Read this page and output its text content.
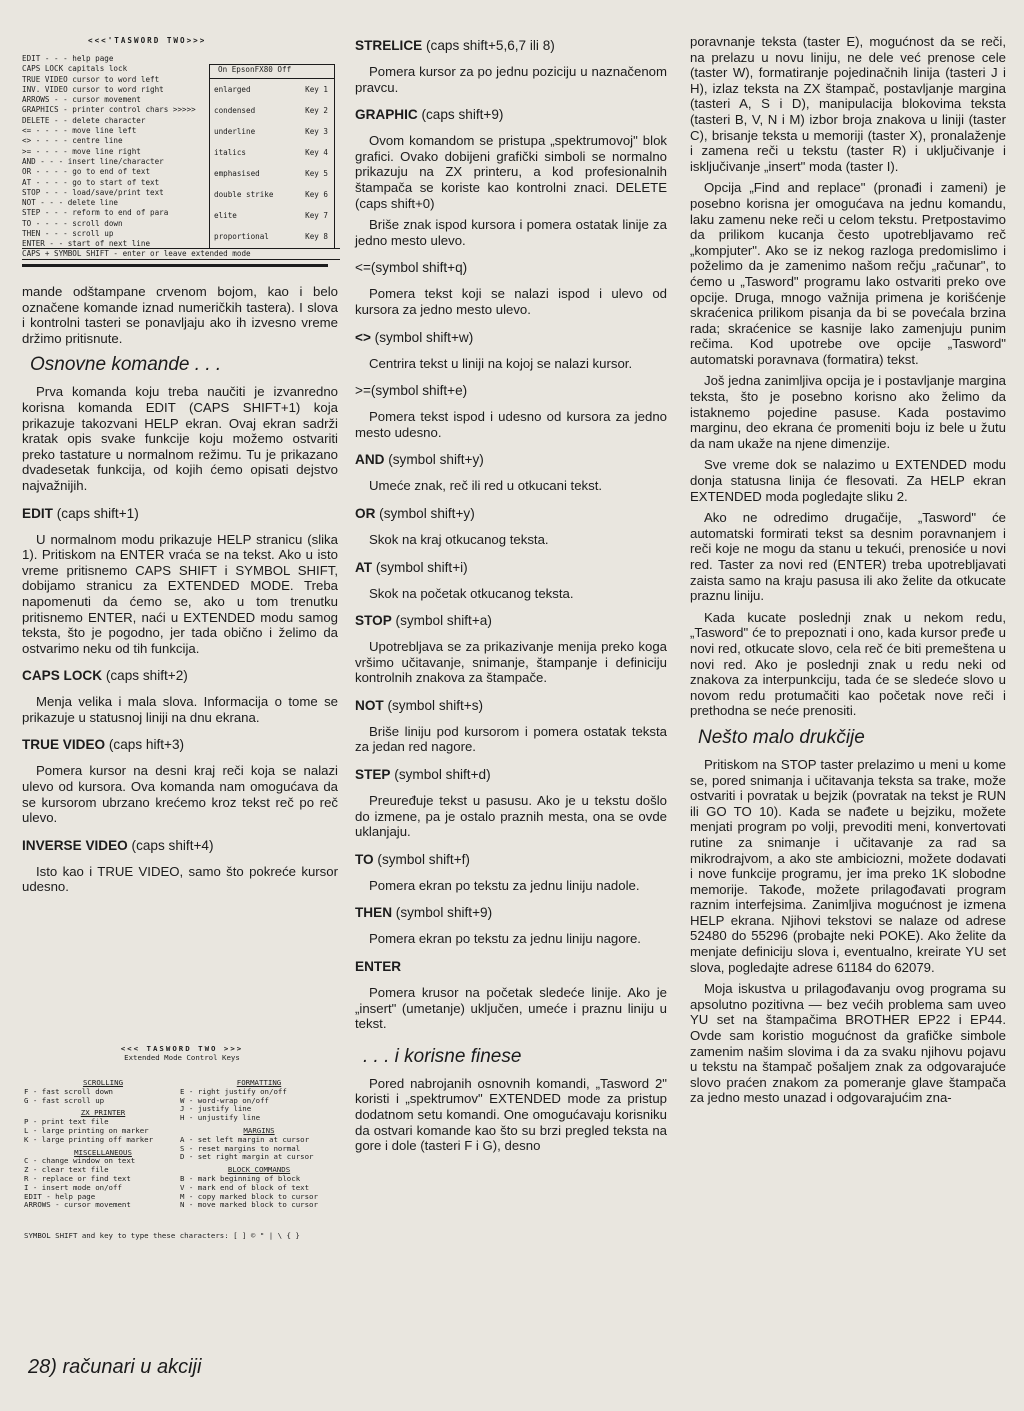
<<<'TASWORD TWO>>>
EDIT - - - help page
CAPS LOCK capitals lock
TRUE VIDEO cursor to word left
INV. VIDEO cursor to word right
ARROWS - - cursor movement
GRAPHICS - printer control chars >>>>>
DELETE - - delete character
<= - - - - move line left
<> - - - - centre line
>= - - - - move line right
AND - - - insert line/character
OR - - - - go to end of text
AT - - - - go to start of text
STOP - - - load/save/print text
NOT - - - delete line
STEP - - - reform to end of para
TO - - - - scroll down
THEN - - - scroll up
ENTER - - start of next line
On EpsonFX80 Off
enlarged	Key 1
condensed	Key 2
underline	Key 3
italics	Key 4
emphasised	Key 5
double strike	Key 6
elite	Key 7
proportional	Key 8
CAPS + SYMBOL SHIFT - enter or leave extended mode

mande odštampane crvenom bojom, kao i belo označene komande iznad numeričkih tastera). I slova i kontrolni tasteri se ponavljaju ako ih izvesno vreme držimo pritisnute.

Osnovne komande . . .

Prva komanda koju treba naučiti je izvanredno korisna komanda EDIT (CAPS SHIFT+1) koja prikazuje takozvani HELP ekran. Ovaj ekran sadrži kratak opis svake funkcije koju možemo ostvariti preko tastature u normalnom režimu. Tu je prikazano dvadesetak funkcija, od kojih ćemo opisati dejstvo najvažnijih.

EDIT (caps shift+1)

U normalnom modu prikazuje HELP stranicu (slika 1). Pritiskom na ENTER vraća se na tekst. Ako u isto vreme pritisnemo CAPS SHIFT i SYMBOL SHIFT, dobijamo stranicu za EXTENDED MODE. Treba napomenuti da ćemo se, ako u tom trenutku pritisnemo ENTER, naći u EXTENDED modu samog teksta, što je pogodno, jer tada obično i želimo da ostvarimo neku od tih funkcija.

CAPS LOCK (caps shift+2)

Menja velika i mala slova. Informacija o tome se prikazuje u statusnoj liniji na dnu ekrana.

TRUE VIDEO (caps hift+3)

Pomera kursor na desni kraj reči koja se nalazi ulevo od kursora. Ova komanda nam omogućava da se kursorom ubrzano krećemo kroz tekst reč po reč ulevo.

INVERSE VIDEO (caps shift+4)

Isto kao i TRUE VIDEO, samo što pokreće kursor udesno.

<<< TASWORD TWO >>>
Extended Mode Control Keys
SCROLLING
F - fast scroll down
G - fast scroll up
ZX PRINTER
P - print text file
L - large printing on marker
K - large printing off marker
MISCELLANEOUS
C - change window on text
Z - clear text file
R - replace or find text
I - insert mode on/off
EDIT - help page
ARROWS - cursor movement
FORMATTING
E - right justify on/off
W - word-wrap on/off
J - justify line
H - unjustify line
MARGINS
A - set left margin at cursor
S - reset margins to normal
D - set right margin at cursor
BLOCK COMMANDS
B - mark beginning of block
V - mark end of block of text
M - copy marked block to cursor
N - move marked block to cursor
SYMBOL SHIFT and key to type these characters: [ ] © " | \ { }
STRELICE (caps shift+5,6,7 ili 8)

Pomera kursor za po jednu poziciju u naznačenom pravcu.

GRAPHIC (caps shift+9)

Ovom komandom se pristupa „spektrumovoj" blok grafici. Ovako dobijeni grafički simboli se normalno prikazuju na ZX printeru, a kod profesionalnih štampača se koriste kao kontrolni znaci. DELETE (caps shift+0)

Briše znak ispod kursora i pomera ostatak linije za jedno mesto ulevo.

<=(symbol shift+q)

Pomera tekst koji se nalazi ispod i ulevo od kursora za jedno mesto ulevo.

<> (symbol shift+w)

Centrira tekst u liniji na kojoj se nalazi kursor.

>=(symbol shift+e)

Pomera tekst ispod i udesno od kursora za jedno mesto udesno.

AND (symbol shift+y)

Umeće znak, reč ili red u otkucani tekst.

OR (symbol shift+y)

Skok na kraj otkucanog teksta.

AT (symbol shift+i)

Skok na početak otkucanog teksta.

STOP (symbol shift+a)

Upotrebljava se za prikazivanje menija preko koga vršimo učitavanje, snimanje, štampanje i definiciju kontrolnih znakova za štampače.

NOT (symbol shift+s)

Briše liniju pod kursorom i pomera ostatak teksta za jedan red nagore.

STEP (symbol shift+d)

Preuređuje tekst u pasusu. Ako je u tekstu došlo do izmene, pa je ostalo praznih mesta, ona se ovde uklanjaju.

TO (symbol shift+f)

Pomera ekran po tekstu za jednu liniju nadole.

THEN (symbol shift+9)

Pomera ekran po tekstu za jednu liniju nagore.

ENTER

Pomera krusor na početak sledeće linije. Ako je „insert" (umetanje) uključen, umeće i praznu liniju u tekst.

. . . i korisne finese

Pored nabrojanih osnovnih komandi, „Tasword 2" koristi i „spektrumov" EXTENDED mode za pristup dodatnom setu komandi. One omogućavaju korisniku da ostvari komande kao što su brzi pregled teksta na gore i dole (tasteri F i G), desno

poravnanje teksta (taster E), mogućnost da se reči, na prelazu u novu liniju, ne dele već prenose cele (taster W), formatiranje pojedinačnih linija (tasteri J i H), izlaz teksta na ZX štampač, postavljanje margina (tasteri A, S i D), manipulacija blokovima teksta (tasteri B, V, N i M) izbor broja znakova u liniji (taster C), brisanje teksta u memoriji (taster X), pronalaženje i zamena reči u tekstu (taster R) i uključivanje i isključivanje „insert" moda (taster I).

Opcija „Find and replace" (pronađi i zameni) je posebno korisna jer omogućava na jednu komandu, laku zamenu neke reči u celom tekstu. Pretpostavimo da prilikom kucanja često upotrebljavamo reč „kompjuter". Ako se iz nekog razloga predomislimo i poželimo da je zamenimo našom rečju „računar", to ćemo u „Tasword" programu lako ostvariti preko ove opcije. Druga, mnogo važnija primena je korišćenje skraćenica prilikom pisanja da bi se povećala brzina rada; skraćenice se kasnije lako zamenjuju punim rečima. Kod upotrebe ove opcije „Tasword" automatski poravnava (formatira) tekst.

Još jedna zanimljiva opcija je i postavljanje margina teksta, što je posebno korisno ako želimo da istaknemo pojedine pasuse. Kada postavimo marginu, deo ekrana će promeniti boju iz bele u žutu da nam ukaže na njene dimenzije.

Sve vreme dok se nalazimo u EXTENDED modu donja statusna linija će flesovati. Za HELP ekran EXTENDED moda pogledajte sliku 2.

Ako ne odredimo drugačije, „Tasword" će automatski formirati tekst sa desnim poravnanjem i reči koje ne mogu da stanu u tekući, prenosiće u novi red. Taster za novi red (ENTER) treba upotrebljavati zaista samo na kraju pasusa ili ako želite da otkucate praznu liniju.

Kada kucate poslednji znak u nekom redu, „Tasword" će to prepoznati i ono, kada kursor pređe u novi red, otkucate slovo, cela reč će biti premeštena u novi red. Ako je poslednji znak u redu neki od znakova za interpunkciju, tada će se sledeće slovo u novom redu protumačiti kao početak nove reči i prethodna se neće prenositi.

Nešto malo drukčije

Pritiskom na STOP taster prelazimo u meni u kome se, pored snimanja i učitavanja teksta sa trake, može ostvariti i povratak u bejzik (povratak na tekst je RUN ili GO TO 10). Kada se nađete u bejziku, možete menjati program po volji, prevoditi meni, konvertovati rutine za snimanje i učitavanje za rad sa mikrodrajvom, a ako ste ambiciozni, možete dodavati i nove funkcije programu, jer ima preko 1K slobodne memorije. Takođe, možete prilagođavati program raznim interfejsima. Zanimljiva mogućnost je izmena HELP ekrana. Njihovi tekstovi se nalaze od adrese 52480 do 55296 (probajte neki POKE). Ako želite da menjate definiciju slova i, eventualno, kreirate YU set slova, pogledajte adrese 61184 do 62079.

Moja iskustva u prilagođavanju ovog programa su apsolutno pozitivna — bez većih problema sam uveo YU set na štampačima BROTHER EP22 i EP44. Ovde sam koristio mogućnost da grafičke simbole zamenim našim slovima i da za svaku njihovu pojavu u tekstu na štampač pošaljem znak za odgovarajuće slovo praćen znakom za pomeranje glave štampača za jedno mesto unazad i odgovarajućim zna-

28) računari u akciji
